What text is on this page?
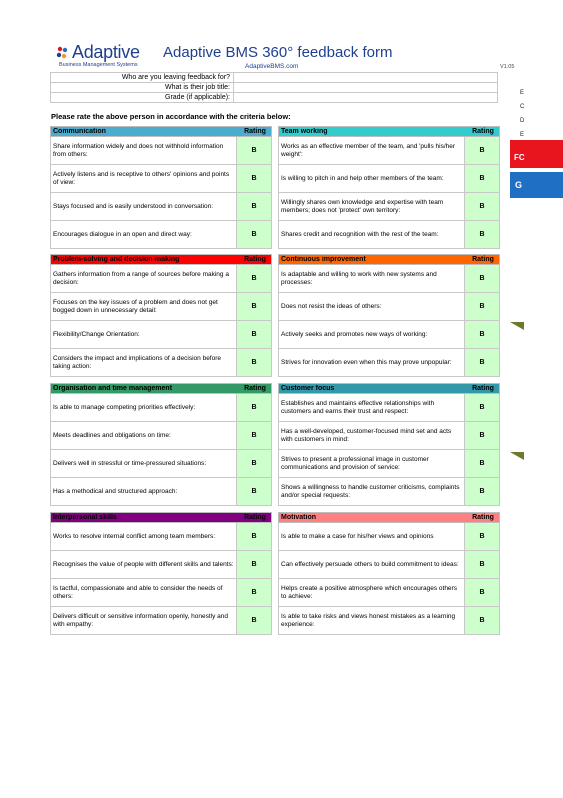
Adaptive
Business Management Systems
Adaptive BMS 360° feedback form
AdaptiveBMS.com	V1.05
Who are you leaving feedback for?	
What is their job title:	
Grade (if applicable):	
Please rate the above person in accordance with the criteria below:
Communication	Rating
Share information widely and does not withhold information from others:	B
Actively listens and is receptive to others' opinions and points of view:	B
Stays focused and is easily understood in conversation:	B
Encourages dialogue in an open and direct way:	B
Team working	Rating
Works as an effective member of the team, and 'pulls his/her weight':	B
Is willing to pitch in and help other members of the team:	B
Willingly shares own knowledge and expertise with team members; does not 'protect' own territory:	B
Shares credit and recognition with the rest of the team:	B
Problem-solving and decision-making	Rating
Gathers information from a range of sources before making a decision:	B
Focuses on the key issues of a problem and does not get bogged down in unnecessary detail:	B
Flexibility/Change Orientation:	B
Considers the impact and implications of a decision before taking action:	B
Continuous improvement	Rating
Is adaptable and willing to work with new systems and processes:	B
Does not resist the ideas of others:	B
Actively seeks and promotes new ways of working:	B
Strives for innovation even when this may prove unpopular:	B
Organisation and time management	Rating
Is able to manage competing priorities effectively:	B
Meets deadlines and obligations on time:	B
Delivers well in stressful or time-pressured situations:	B
Has a methodical and structured approach:	B
Customer focus	Rating
Establishes and maintains effective relationships with customers and earns their trust and respect:	B
Has a well-developed, customer-focused mind set and acts with customers in mind:	B
Strives to present a professional image in customer communications and provision of service:	B
Shows a willingness to handle customer criticisms, complaints and/or special requests:	B
Interpersonal skills	Rating
Works to resolve internal conflict among team members:	B
Recognises the value of people with different skills and talents:	B
Is tactful, compassionate and able to consider the needs of others:	B
Delivers difficult or sensitive information openly, honestly and with empathy:	B
Motivation	Rating
Is able to make a case for his/her views and opinions	B
Can effectively persuade others to build commitment to ideas:	B
Helps create a positive atmosphere which encourages others to achieve:	B
Is able to take risks and views honest mistakes as a learning experience:	B
E
C
D
E
FC
G
